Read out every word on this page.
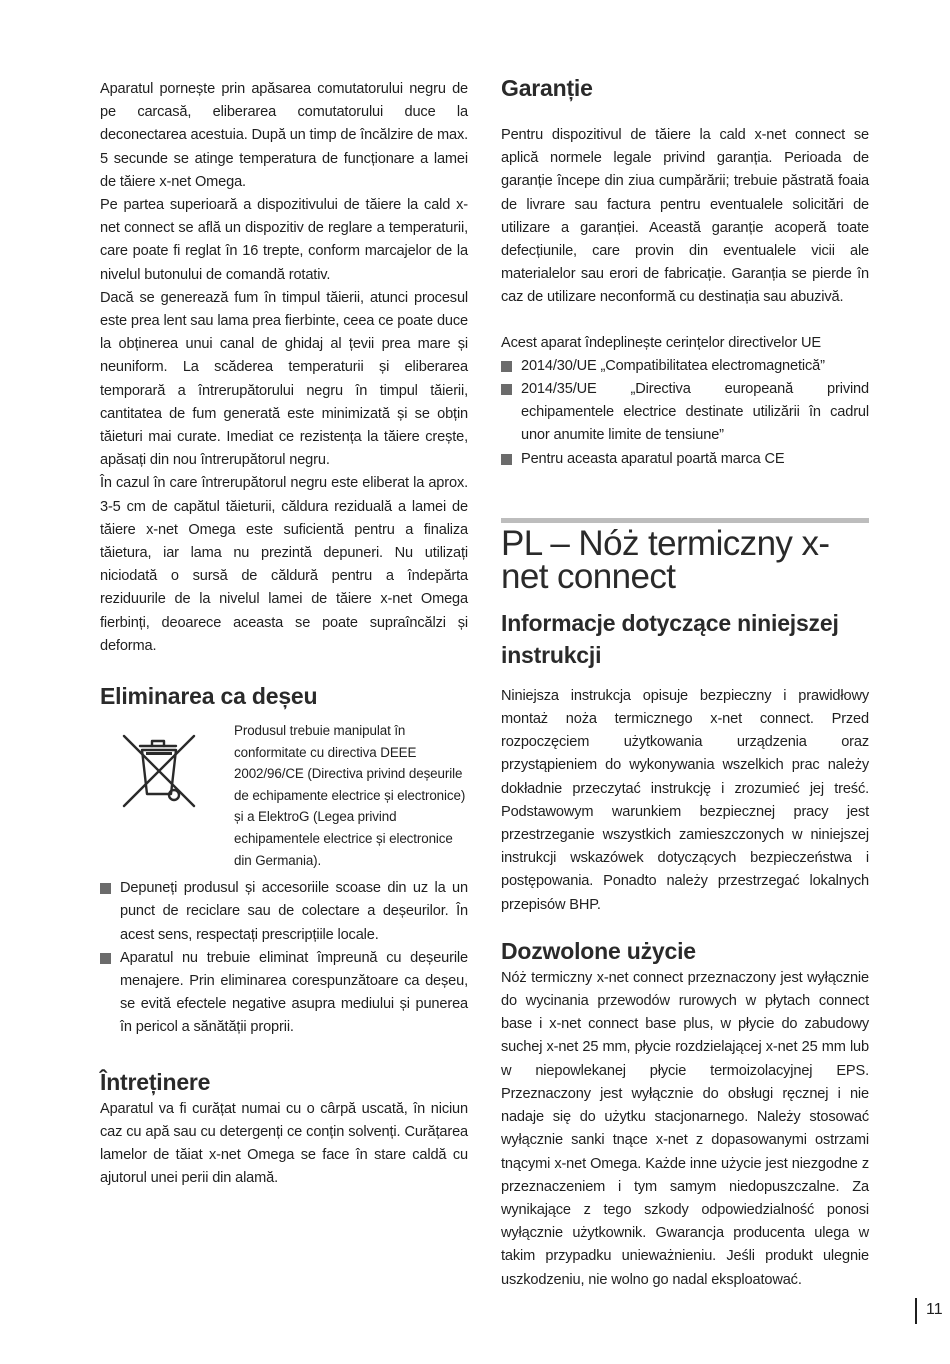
Aparatul pornește prin apăsarea comutatorului negru de pe carcasă, eliberarea comutatorului duce la deconectarea acestuia. După un timp de încălzire de max. 5 secunde se atinge temperatura de funcționare a lamei de tăiere x-net Omega.

Pe partea superioară a dispozitivului de tăiere la cald x-net connect se află un dispozitiv de reglare a temperaturii, care poate fi reglat în 16 trepte, conform marcajelor de la nivelul butonului de comandă rotativ.

Dacă se generează fum în timpul tăierii, atunci procesul este prea lent sau lama prea fierbinte, ceea ce poate duce la obținerea unui canal de ghidaj al țevii prea mare și neuniform. La scăderea temperaturii și eliberarea temporară a întrerupătorului negru în timpul tăierii, cantitatea de fum generată este minimizată și se obțin tăieturi mai curate. Imediat ce rezistența la tăiere crește, apăsați din nou întrerupătorul negru.

În cazul în care întrerupătorul negru este eliberat la aprox. 3-5 cm de capătul tăieturii, căldura reziduală a lamei de tăiere x-net Omega este suficientă pentru a finaliza tăietura, iar lama nu prezintă depuneri. Nu utilizați niciodată o sursă de căldură pentru a îndepărta reziduurile de la nivelul lamei de tăiere x-net Omega fierbinți, deoarece aceasta se poate supraîncălzi și deforma.

Eliminarea ca deșeu
Produsul trebuie manipulat în conformitate cu directiva DEEE 2002/96/CE (Directiva privind deșeurile de echipamente electrice și electronice) și a ElektroG (Legea privind echipamentele electrice și electronice din Germania).
Depuneți produsul și accesoriile scoase din uz la un punct de reciclare sau de colectare a deșeurilor. În acest sens, respectați prescripțiile locale.
Aparatul nu trebuie eliminat împreună cu deșeurile menajere. Prin eliminarea corespunzătoare ca deșeu, se evită efectele negative asupra mediului și punerea în pericol a sănătății proprii.
Întreținere

Aparatul va fi curățat numai cu o cârpă uscată, în niciun caz cu apă sau cu detergenți ce conțin solvenți. Curățarea lamelor de tăiat x-net Omega se face în stare caldă cu ajutorul unei perii din alamă.

Garanție

Pentru dispozitivul de tăiere la cald x-net connect se aplică normele legale privind garanția. Perioada de garanție începe din ziua cumpărării; trebuie păstrată foaia de livrare sau factura pentru eventualele solicitări de utilizare a garanției. Această garanție acoperă toate defecțiunile, care provin din eventualele vicii ale materialelor sau erori de fabricație. Garanția se pierde în caz de utilizare neconformă cu destinația sau abuzivă.

Acest aparat îndeplinește cerințelor directivelor UE

2014/30/UE „Compatibilitatea electromagnetică”
2014/35/UE „Directiva europeană privind echipamentele electrice destinate utilizării în cadrul unor anumite limite de tensiune”
Pentru aceasta aparatul poartă marca CE
PL – Nóż termiczny x-net connect
Informacje dotyczące niniejszej instrukcji

Niniejsza instrukcja opisuje bezpieczny i prawidłowy montaż noża termicznego x-net connect. Przed rozpoczęciem użytkowania urządzenia oraz przystąpieniem do wykonywania wszelkich prac należy dokładnie przeczytać instrukcję i zrozumieć jej treść. Podstawowym warunkiem bezpiecznej pracy jest przestrzeganie wszystkich zamieszczonych w niniejszej instrukcji wskazówek dotyczących bezpieczeństwa i postępowania. Ponadto należy przestrzegać lokalnych przepisów BHP.

Dozwolone użycie

Nóż termiczny x-net connect przeznaczony jest wyłącznie do wycinania przewodów rurowych w płytach connect base i x-net connect base plus, w płycie do zabudowy suchej x-net 25 mm, płycie rozdzielającej x-net 25 mm lub w niepowlekanej płycie termoizolacyjnej EPS. Przeznaczony jest wyłącznie do obsługi ręcznej i nie nadaje się do użytku stacjonarnego. Należy stosować wyłącznie sanki tnące x-net z dopasowanymi ostrzami tnącymi x-net Omega. Każde inne użycie jest niezgodne z przeznaczeniem i tym samym niedopuszczalne. Za wynikające z tego szkody odpowiedzialność ponosi wyłącznie użytkownik. Gwarancja producenta ulega w takim przypadku unieważnieniu. Jeśli produkt ulegnie uszkodzeniu, nie wolno go nadal eksploatować.

11
